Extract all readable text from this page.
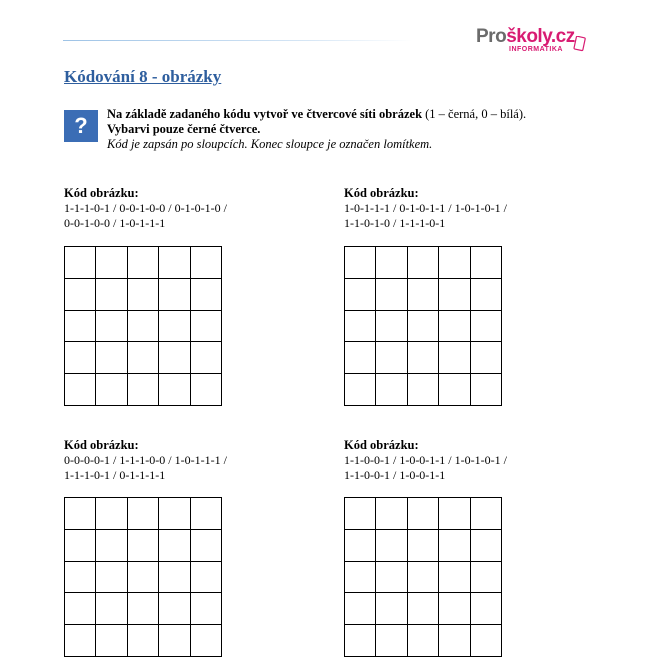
Proškoly.cz
INFORMATIKA
Kódování 8 - obrázky
?	Na základě zadaného kódu vytvoř ve čtvercové síti obrázek (1 – černá, 0 – bílá).
Vybarvi pouze černé čtverce.
Kód je zapsán po sloupcích. Konec sloupce je označen lomítkem.
Kód obrázku:
1-1-1-0-1 / 0-0-1-0-0 / 0-1-0-1-0 /
0-0-1-0-0 / 1-0-1-1-1
Kód obrázku:
1-0-1-1-1 / 0-1-0-1-1 / 1-0-1-0-1 /
1-1-0-1-0 / 1-1-1-0-1
Kód obrázku:
0-0-0-0-1 / 1-1-1-0-0 / 1-0-1-1-1 /
1-1-1-0-1 / 0-1-1-1-1
Kód obrázku:
1-1-0-0-1 / 1-0-0-1-1 / 1-0-1-0-1 /
1-1-0-0-1 / 1-0-0-1-1
